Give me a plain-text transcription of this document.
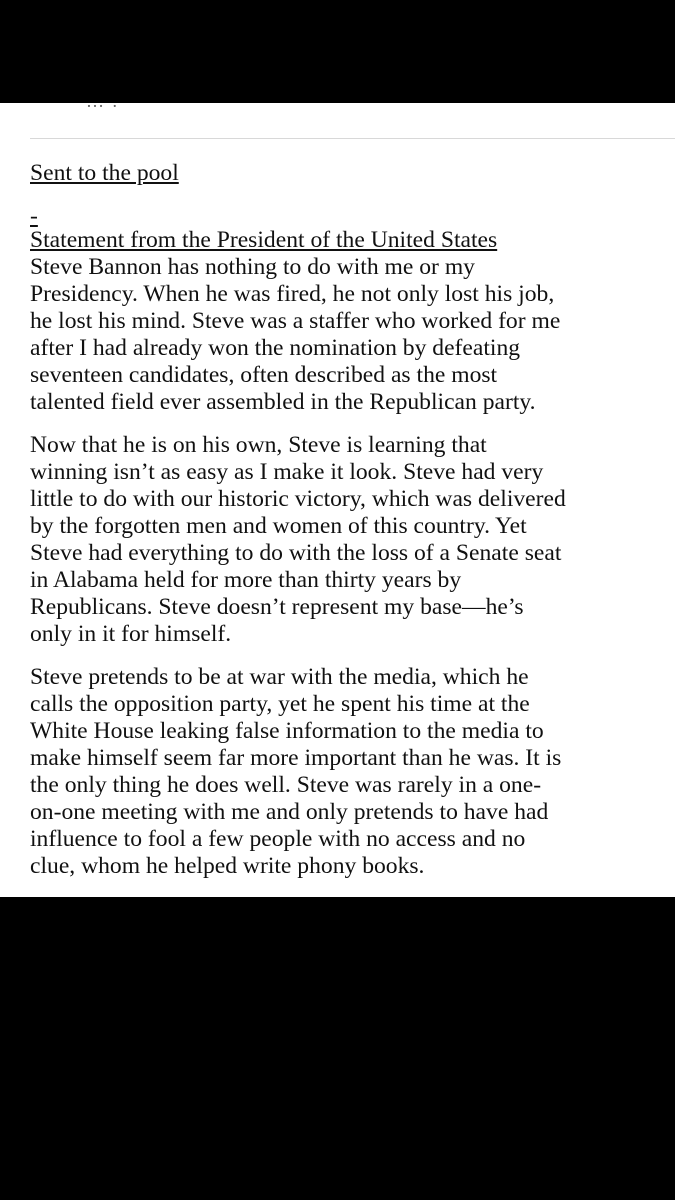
… .
Sent to the pool
-
Statement from the President of the United States

Steve Bannon has nothing to do with me or my
Presidency. When he was fired, he not only lost his job,
he lost his mind. Steve was a staffer who worked for me
after I had already won the nomination by defeating
seventeen candidates, often described as the most
talented field ever assembled in the Republican party.

Now that he is on his own, Steve is learning that
winning isn’t as easy as I make it look. Steve had very
little to do with our historic victory, which was delivered
by the forgotten men and women of this country. Yet
Steve had everything to do with the loss of a Senate seat
in Alabama held for more than thirty years by
Republicans. Steve doesn’t represent my base—he’s
only in it for himself.

Steve pretends to be at war with the media, which he
calls the opposition party, yet he spent his time at the
White House leaking false information to the media to
make himself seem far more important than he was. It is
the only thing he does well. Steve was rarely in a one-
on-one meeting with me and only pretends to have had
influence to fool a few people with no access and no
clue, whom he helped write phony books.
